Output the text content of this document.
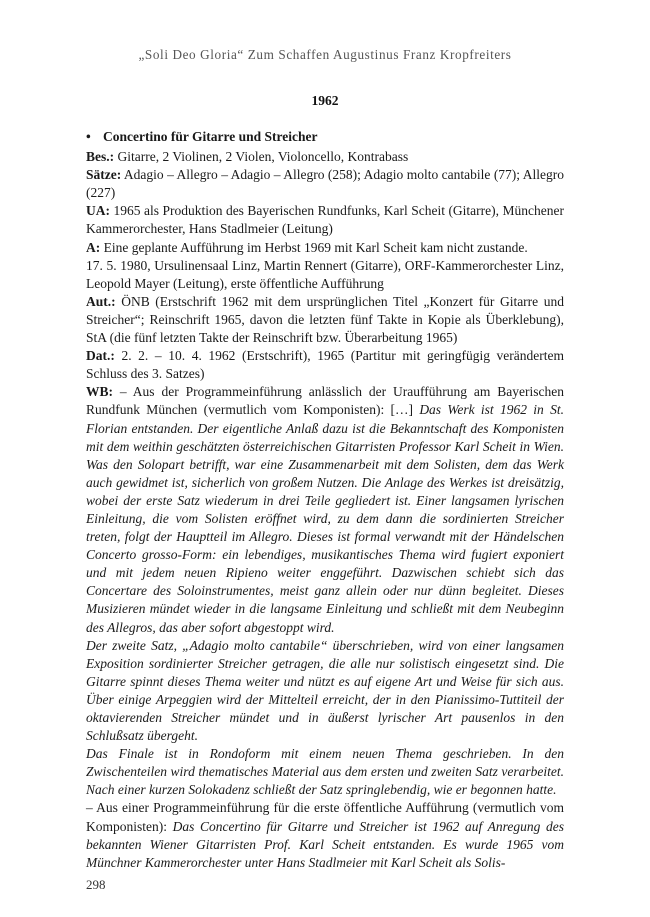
„Soli Deo Gloria“ Zum Schaffen Augustinus Franz Kropfreiters
1962
• Concertino für Gitarre und Streicher

Bes.: Gitarre, 2 Violinen, 2 Violen, Violoncello, Kontrabass

Sätze: Adagio – Allegro – Adagio – Allegro (258); Adagio molto cantabile (77); Allegro (227)

UA: 1965 als Produktion des Bayerischen Rundfunks, Karl Scheit (Gitarre), Münchener Kammerorchester, Hans Stadlmeier (Leitung)

A: Eine geplante Aufführung im Herbst 1969 mit Karl Scheit kam nicht zustande.

17. 5. 1980, Ursulinensaal Linz, Martin Rennert (Gitarre), ORF-Kammerorchester Linz, Leopold Mayer (Leitung), erste öffentliche Aufführung

Aut.: ÖNB (Erstschrift 1962 mit dem ursprünglichen Titel „Konzert für Gitarre und Streicher“; Reinschrift 1965, davon die letzten fünf Takte in Kopie als Überklebung), StA (die fünf letzten Takte der Reinschrift bzw. Überarbeitung 1965)

Dat.: 2. 2. – 10. 4. 1962 (Erstschrift), 1965 (Partitur mit geringfügig verändertem Schluss des 3. Satzes)

WB: – Aus der Programmeinführung anlässlich der Uraufführung am Bayerischen Rundfunk München (vermutlich vom Komponisten): […] Das Werk ist 1962 in St. Florian entstanden. Der eigentliche Anlaß dazu ist die Bekanntschaft des Komponisten mit dem weithin geschätzten österreichischen Gitarristen Professor Karl Scheit in Wien. Was den Solopart betrifft, war eine Zusammenarbeit mit dem Solisten, dem das Werk auch gewidmet ist, sicherlich von großem Nutzen. Die Anlage des Werkes ist dreisätzig, wobei der erste Satz wiederum in drei Teile gegliedert ist. Einer langsamen lyrischen Einleitung, die vom Solisten eröffnet wird, zu dem dann die sordinierten Streicher treten, folgt der Hauptteil im Allegro. Dieses ist formal verwandt mit der Händelschen Concerto grosso-Form: ein lebendiges, musikantisches Thema wird fugiert exponiert und mit jedem neuen Ripieno weiter enggeführt. Dazwischen schiebt sich das Concertare des Soloinstrumentes, meist ganz allein oder nur dünn begleitet. Dieses Musizieren mündet wieder in die langsame Einleitung und schließt mit dem Neubeginn des Allegros, das aber sofort abgestoppt wird.

Der zweite Satz, „Adagio molto cantabile“ überschrieben, wird von einer langsamen Exposition sordinierter Streicher getragen, die alle nur solistisch eingesetzt sind. Die Gitarre spinnt dieses Thema weiter und nützt es auf eigene Art und Weise für sich aus. Über einige Arpeggien wird der Mittelteil erreicht, der in den Pianissimo-Tuttiteil der oktavierenden Streicher mündet und in äußerst lyrischer Art pausenlos in den Schlußsatz übergeht.

Das Finale ist in Rondoform mit einem neuen Thema geschrieben. In den Zwischenteilen wird thematisches Material aus dem ersten und zweiten Satz verarbeitet. Nach einer kurzen Solokadenz schließt der Satz springlebendig, wie er begonnen hatte.

– Aus einer Programmeinführung für die erste öffentliche Aufführung (vermutlich vom Komponisten): Das Concertino für Gitarre und Streicher ist 1962 auf Anregung des bekannten Wiener Gitarristen Prof. Karl Scheit entstanden. Es wurde 1965 vom Münchner Kammerorchester unter Hans Stadlmeier mit Karl Scheit als Solis-

298
